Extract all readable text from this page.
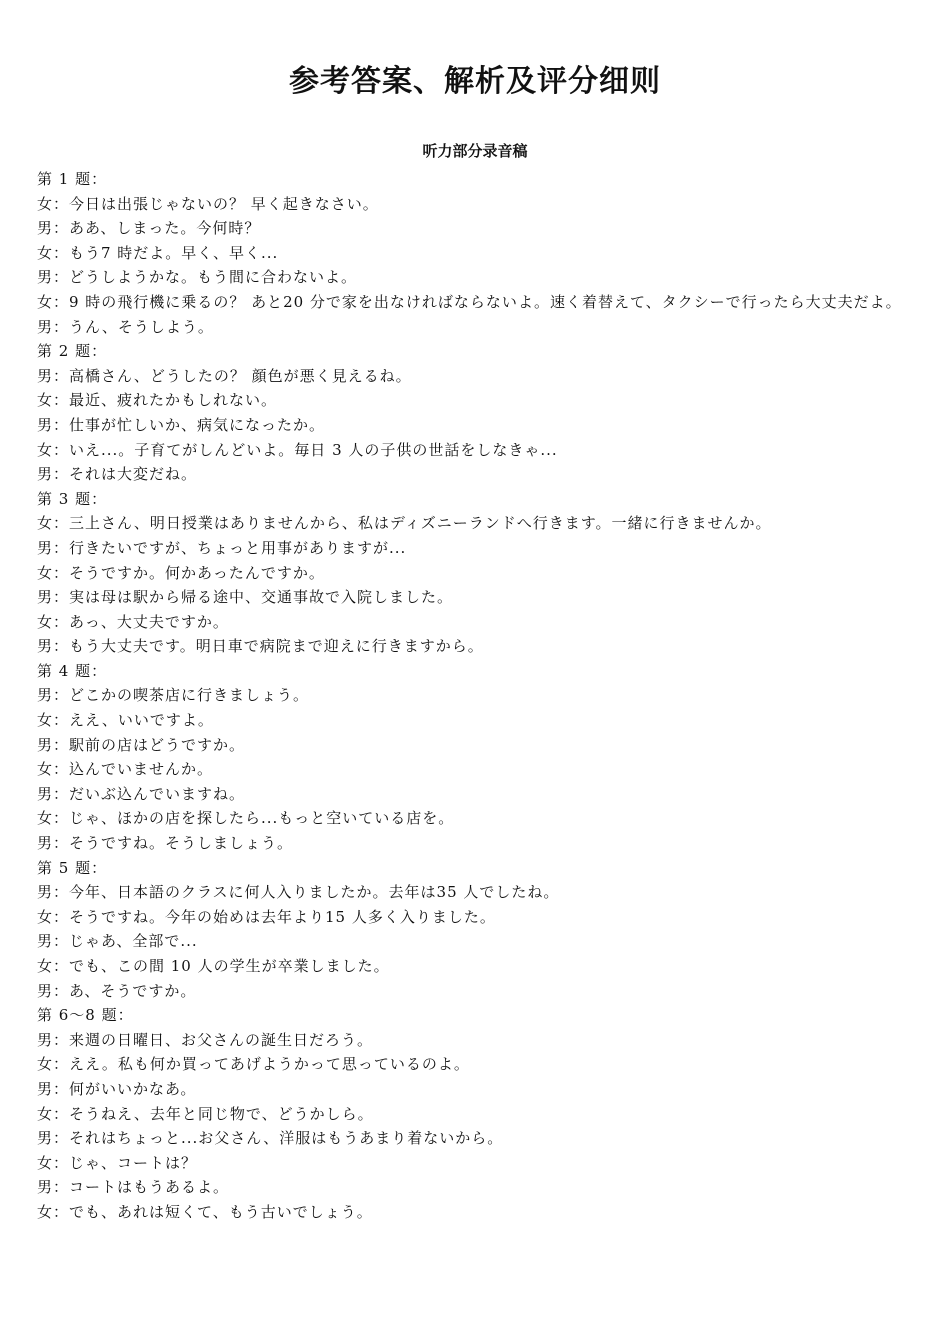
参考答案、解析及评分细则
听力部分录音稿

第 1 题：

女：今日は出張じゃないの？ 早く起きなさい。

男：ああ、しまった。今何時？

女：もう7 時だよ。早く、早く...

男：どうしようかな。もう間に合わないよ。

女：9 時の飛行機に乗るの？ あと20 分で家を出なければならないよ。速く着替えて、タクシーで行ったら大丈夫だよ。

男：うん、そうしよう。

第 2 题：

男：高橋さん、どうしたの？ 顔色が悪く見えるね。

女：最近、疲れたかもしれない。

男：仕事が忙しいか、病気になったか。

女：いえ...。子育てがしんどいよ。毎日 3 人の子供の世話をしなきゃ...

男：それは大変だね。

第 3 题：

女：三上さん、明日授業はありませんから、私はディズニーランドへ行きます。一緒に行きませんか。

男：行きたいですが、ちょっと用事がありますが...

女：そうですか。何かあったんですか。

男：実は母は駅から帰る途中、交通事故で入院しました。

女：あっ、大丈夫ですか。

男：もう大丈夫です。明日車で病院まで迎えに行きますから。

第 4 题：

男：どこかの喫茶店に行きましょう。

女：ええ、いいですよ。

男：駅前の店はどうですか。

女：込んでいませんか。

男：だいぶ込んでいますね。

女：じゃ、ほかの店を探したら...もっと空いている店を。

男：そうですね。そうしましょう。

第 5 题：

男：今年、日本語のクラスに何人入りましたか。去年は35 人でしたね。

女：そうですね。今年の始めは去年より15 人多く入りました。

男：じゃあ、全部で...

女：でも、この間 10 人の学生が卒業しました。

男：あ、そうですか。

第 6～8 题：

男：来週の日曜日、お父さんの誕生日だろう。

女：ええ。私も何か買ってあげようかって思っているのよ。

男：何がいいかなあ。

女：そうねえ、去年と同じ物で、どうかしら。

男：それはちょっと...お父さん、洋服はもうあまり着ないから。

女：じゃ、コートは？

男：コートはもうあるよ。

女：でも、あれは短くて、もう古いでしょう。
